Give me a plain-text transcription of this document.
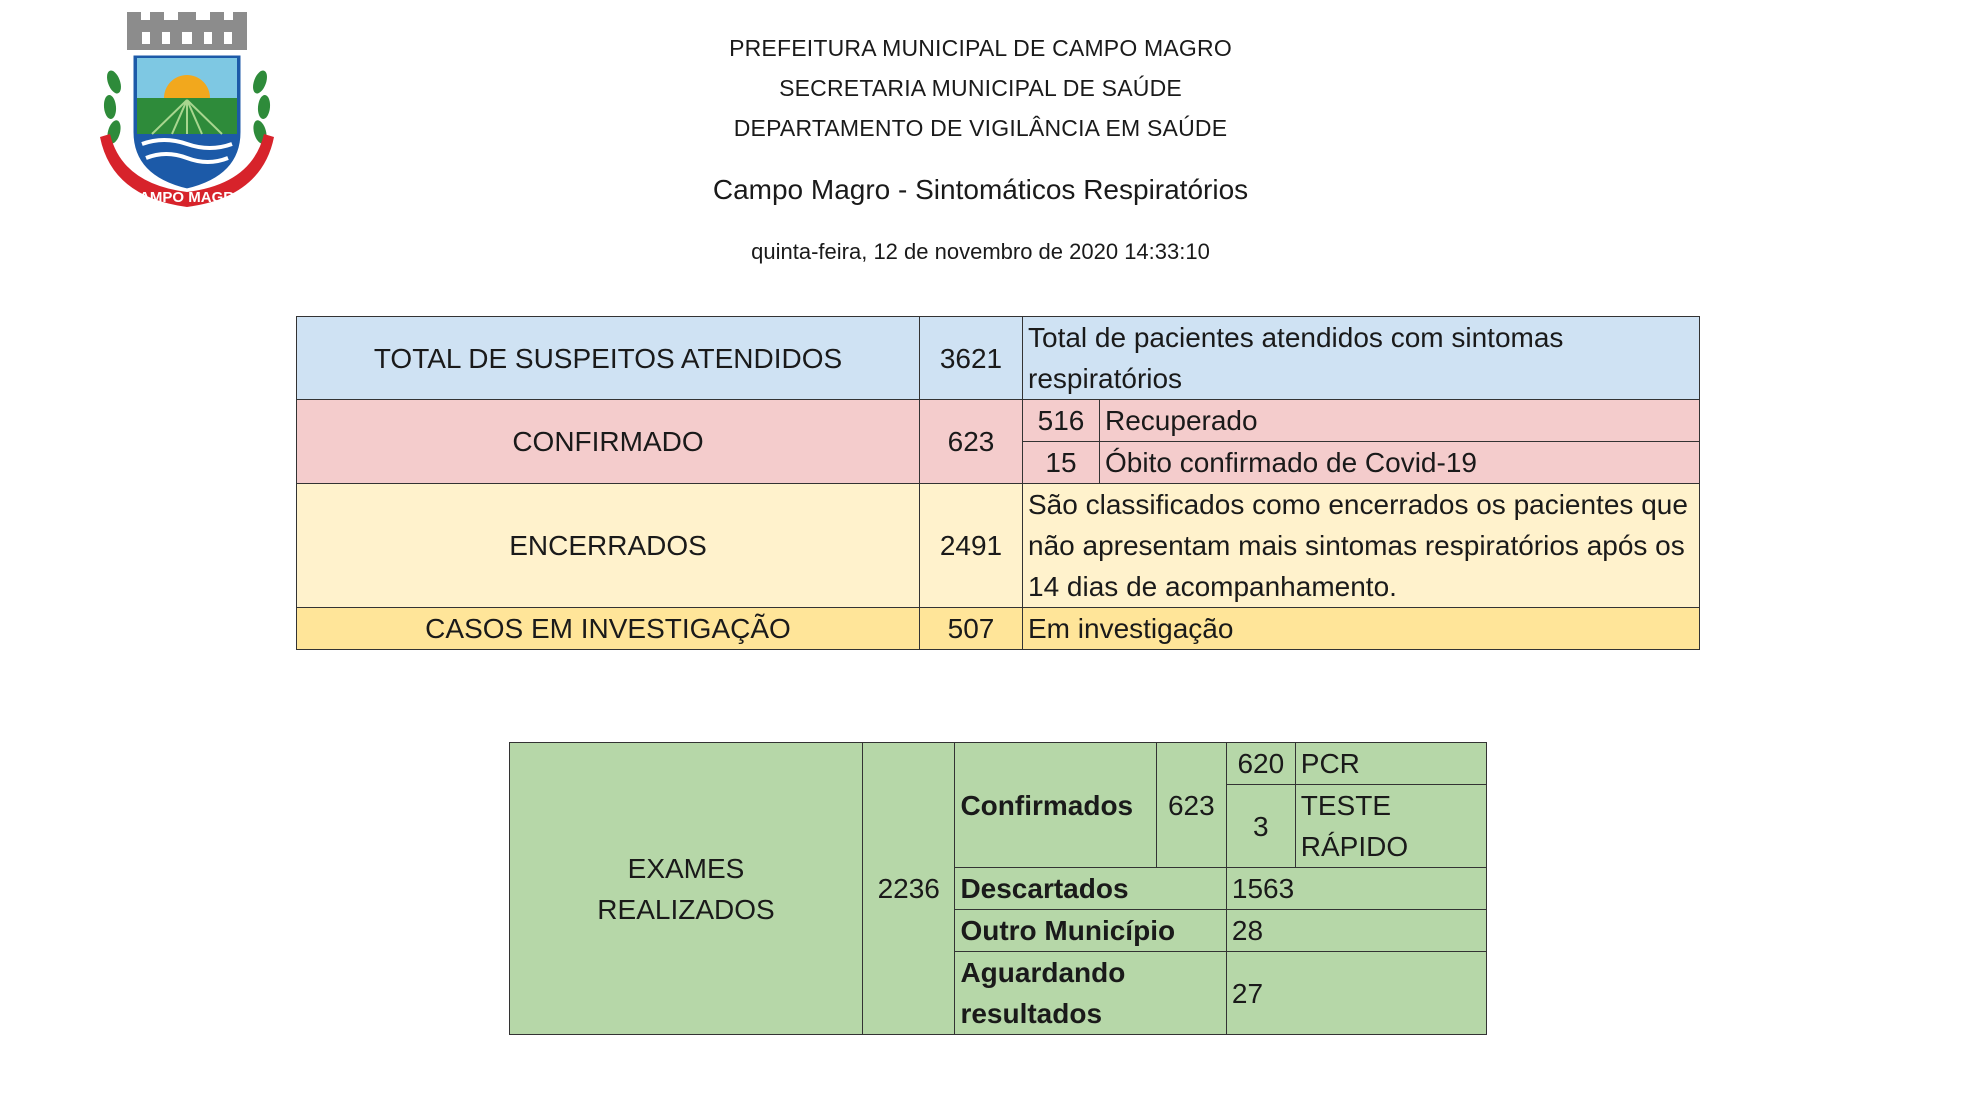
CAMPO MAGRO
PREFEITURA MUNICIPAL DE CAMPO MAGRO
SECRETARIA MUNICIPAL DE SAÚDE
DEPARTAMENTO DE VIGILÂNCIA EM SAÚDE
Campo Magro - Sintomáticos Respiratórios
quinta-feira, 12 de novembro de 2020 14:33:10
TOTAL DE SUSPEITOS ATENDIDOS	3621	Total de pacientes atendidos com sintomas respiratórios	
CONFIRMADO	623	516	Recuperado
		15	Óbito confirmado de Covid-19
ENCERRADOS	2491	São classificados como encerrados os pacientes que não apresentam mais sintomas respiratórios após os 14 dias de acompanhamento.	
CASOS EM INVESTIGAÇÃO	507	Em investigação	
EXAMES REALIZADOS	2236	Confirmados	623	620	PCR
				3	TESTE RÁPIDO
		Descartados		1563	
		Outro Município		28	
		Aguardando resultados		27	
